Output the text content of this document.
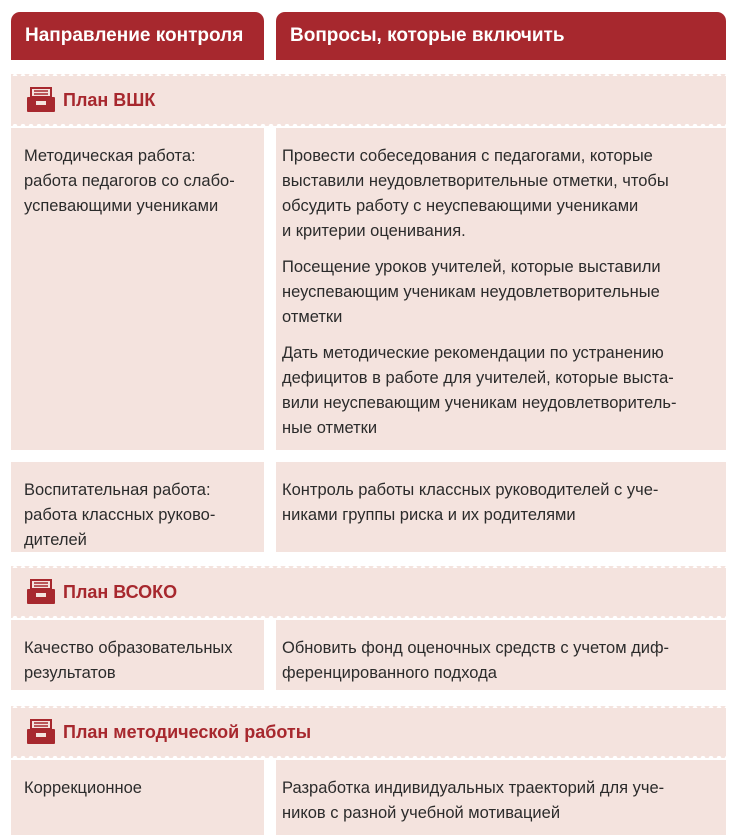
Направление контроля Вопросы, которые включить
План ВШК
Методическая работа:
работа педагогов со слабо-
успевающими учениками

Провести собеседования с педагогами, которые
выставили неудовлетворительные отметки, чтобы
обсудить работу с неуспевающими учениками
и критерии оценивания.

Посещение уроков учителей, которые выставили
неуспевающим ученикам неудовлетворительные
отметки

Дать методические рекомендации по устранению
дефицитов в работе для учителей, которые выста-
вили неуспевающим ученикам неудовлетворитель-
ные отметки

Воспитательная работа:
работа классных руково-
дителей

Контроль работы классных руководителей с уче-
никами группы риска и их родителями

План ВСОКО
Качество образовательных
результатов

Обновить фонд оценочных средств с учетом диф-
ференцированного подхода

План методической работы
Коррекционное	Разработка индивидуальных траекторий для уче-
ников с разной учебной мотивацией
